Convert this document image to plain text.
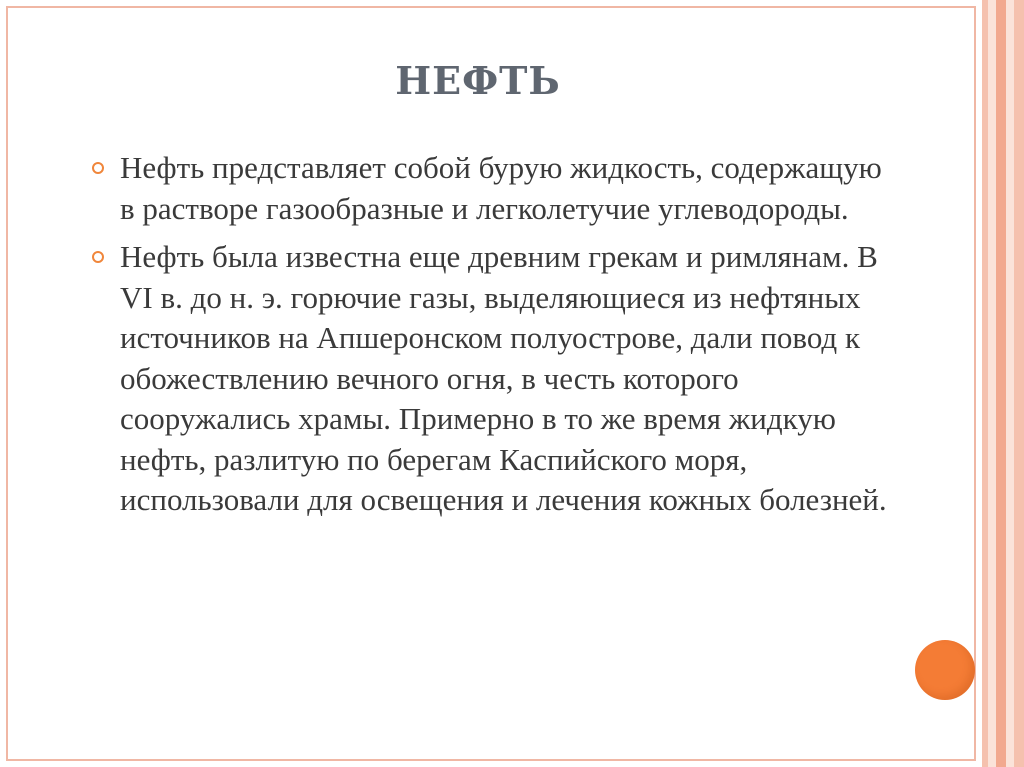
НЕФТЬ
Нефть представляет собой бурую жидкость, содержащую в растворе газообразные и легколетучие углеводороды.
Нефть была известна еще древним грекам и римлянам. В VI в. до н. э. горючие газы, выделяющиеся из нефтяных источников на Апшеронском полуострове, дали повод к обожествлению вечного огня, в честь которого сооружались храмы. Примерно в то же время жидкую нефть, разлитую по берегам Каспийского моря, использовали для освещения и лечения кожных болезней.
